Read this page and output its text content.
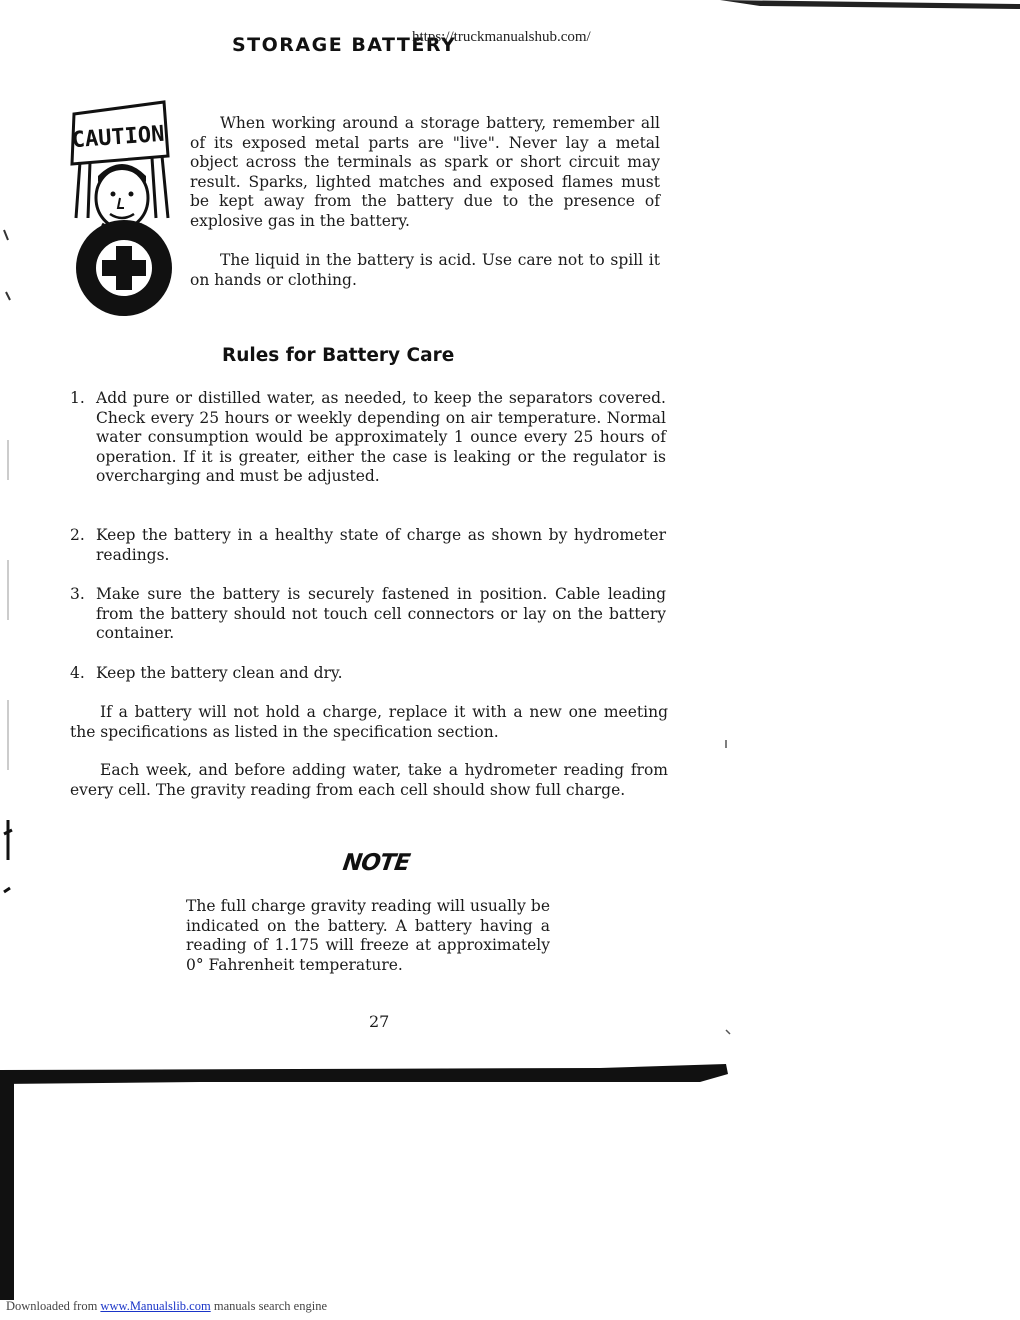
STORAGE BATTERY
https://truckmanualshub.com/
CAUTION	When working around a storage battery, remember all of its exposed metal parts are "live". Never lay a metal object across the terminals as spark or short circuit may result. Sparks, lighted matches and exposed flames must be kept away from the battery due to the presence of explosive gas in the battery.

The liquid in the battery is acid. Use care not to spill it on hands or clothing.

Rules for Battery Care
1. Add pure or distilled water, as needed, to keep the separators covered. Check every 25 hours or weekly depending on air temperature. Normal water consumption would be approximately 1 ounce every 25 hours of operation. If it is greater, either the case is leaking or the regulator is overcharging and must be adjusted.
2. Keep the battery in a healthy state of charge as shown by hydrometer readings.
3. Make sure the battery is securely fastened in position. Cable leading from the battery should not touch cell connectors or lay on the battery container.
4. Keep the battery clean and dry.

If a battery will not hold a charge, replace it with a new one meeting the specifications as listed in the specification section.

Each week, and before adding water, take a hydrometer reading from every cell. The gravity reading from each cell should show full charge.

NOTE

The full charge gravity reading will usually be indicated on the battery. A battery having a reading of 1.175 will freeze at approximately 0° Fahrenheit temperature.

27
Downloaded from www.Manualslib.com manuals search engine
